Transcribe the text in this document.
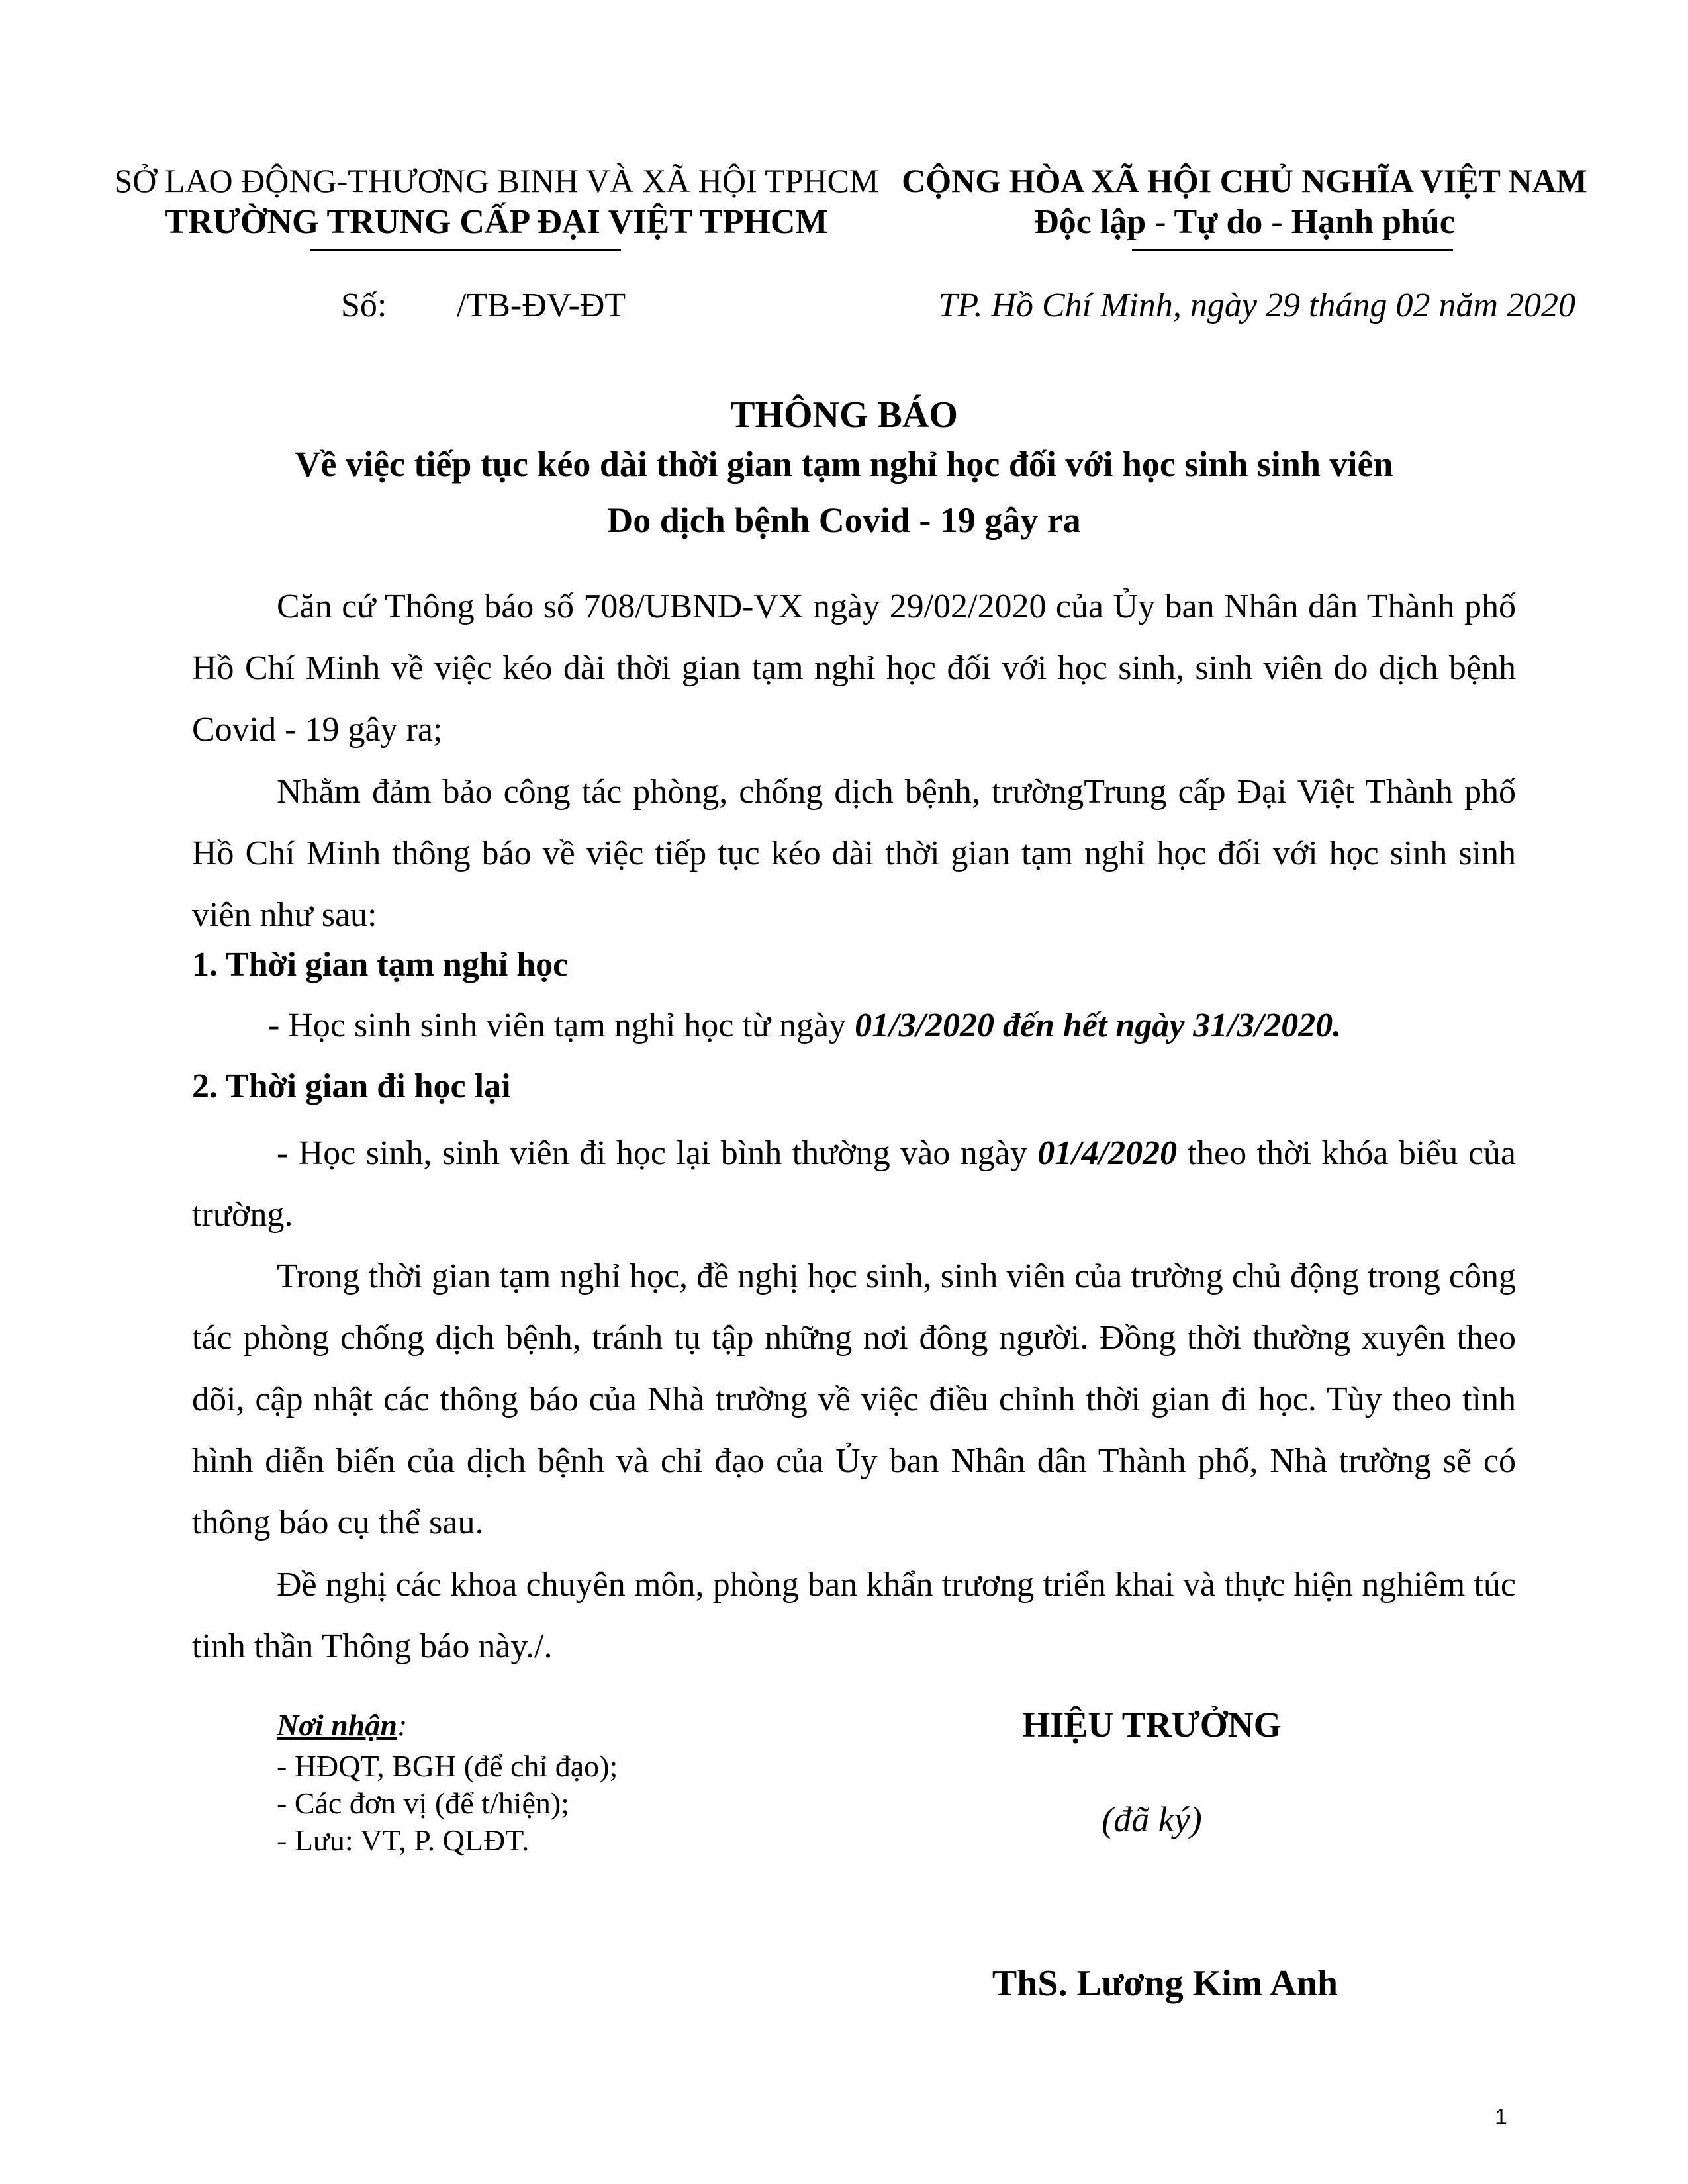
SỞ LAO ĐỘNG-THƯƠNG BINH VÀ XÃ HỘI TPHCM
TRƯỜNG TRUNG CẤP ĐẠI VIỆT TPHCM
CỘNG HÒA XÃ HỘI CHỦ NGHĨA VIỆT NAM
Độc lập - Tự do - Hạnh phúc
Số: /TB-ĐV-ĐT	TP. Hồ Chí Minh, ngày 29 tháng 02 năm 2020
THÔNG BÁO
Về việc tiếp tục kéo dài thời gian tạm nghỉ học đối với học sinh sinh viên
Do dịch bệnh Covid - 19 gây ra

Căn cứ Thông báo số 708/UBND-VX ngày 29/02/2020 của Ủy ban Nhân dân Thành phố Hồ Chí Minh về việc kéo dài thời gian tạm nghỉ học đối với học sinh, sinh viên do dịch bệnh Covid - 19 gây ra;

Nhằm đảm bảo công tác phòng, chống dịch bệnh, trườngTrung cấp Đại Việt Thành phố Hồ Chí Minh thông báo về việc tiếp tục kéo dài thời gian tạm nghỉ học đối với học sinh sinh viên như sau:

1. Thời gian tạm nghỉ học
- Học sinh sinh viên tạm nghỉ học từ ngày 01/3/2020 đến hết ngày 31/3/2020.
2. Thời gian đi học lại

- Học sinh, sinh viên đi học lại bình thường vào ngày 01/4/2020 theo thời khóa biểu của trường.

Trong thời gian tạm nghỉ học, đề nghị học sinh, sinh viên của trường chủ động trong công tác phòng chống dịch bệnh, tránh tụ tập những nơi đông người. Đồng thời thường xuyên theo dõi, cập nhật các thông báo của Nhà trường về việc điều chỉnh thời gian đi học. Tùy theo tình hình diễn biến của dịch bệnh và chỉ đạo của Ủy ban Nhân dân Thành phố, Nhà trường sẽ có thông báo cụ thể sau.

Đề nghị các khoa chuyên môn, phòng ban khẩn trương triển khai và thực hiện nghiêm túc tinh thần Thông báo này./.

Nơi nhận:
- HĐQT, BGH (để chỉ đạo);
- Các đơn vị (để t/hiện);
- Lưu: VT, P. QLĐT.
HIỆU TRƯỞNG
(đã ký)
ThS. Lương Kim Anh
1
